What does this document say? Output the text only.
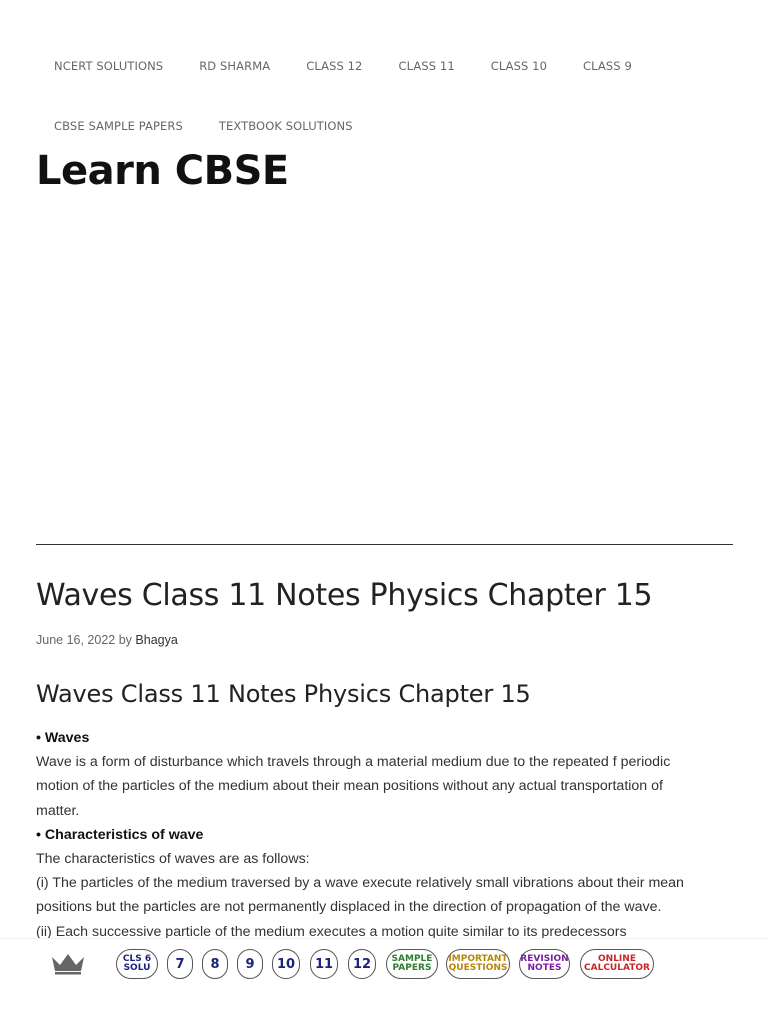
NCERT SOLUTIONS	RD SHARMA	CLASS 12	CLASS 11	CLASS 10	CLASS 9
CBSE SAMPLE PAPERS	TEXTBOOK SOLUTIONS
Learn CBSE
Waves Class 11 Notes Physics Chapter 15
June 16, 2022 by Bhagya
Waves Class 11 Notes Physics Chapter 15

• Waves

Wave is a form of disturbance which travels through a material medium due to the repeated f periodic motion of the particles of the medium about their mean positions without any actual transportation of matter.

• Characteristics of wave

The characteristics of waves are as follows:

(i) The particles of the medium traversed by a wave execute relatively small vibrations about their mean positions but the particles are not permanently displaced in the direction of propagation of the wave.

(ii) Each successive particle of the medium executes a motion quite similar to its predecessors

CLS 6
SOLU	7	8	9	10	11	12	SAMPLE
PAPERS
IMPORTANT
QUESTIONS
REVISION
NOTES
ONLINE
CALCULATOR
